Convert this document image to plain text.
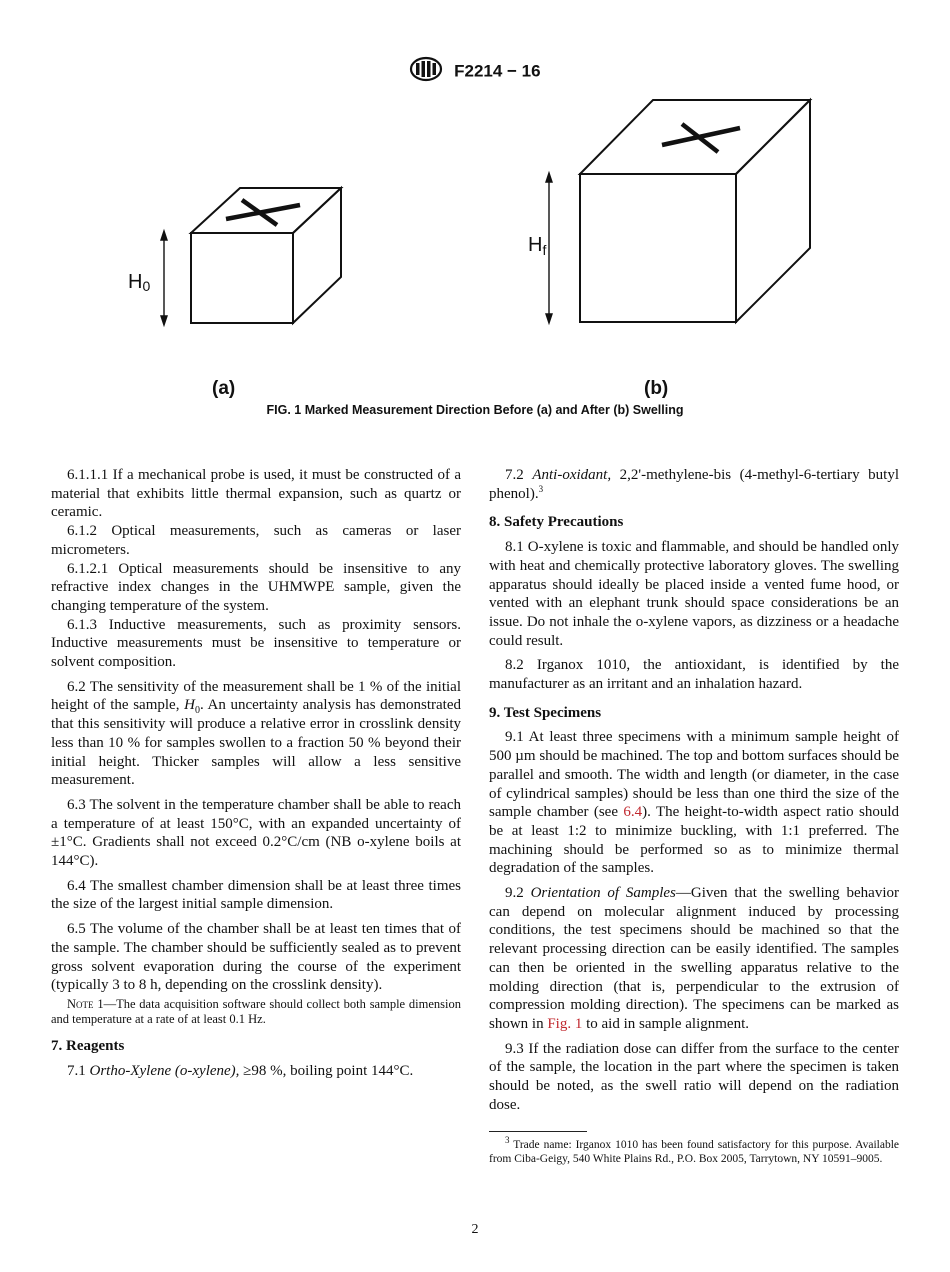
F2214 − 16
H0
$H_f$
(a)	(b)
FIG. 1 Marked Measurement Direction Before (a) and After (b) Swelling

6.1.1.1 If a mechanical probe is used, it must be constructed of a material that exhibits little thermal expansion, such as quartz or ceramic.

6.1.2 Optical measurements, such as cameras or laser micrometers.

6.1.2.1 Optical measurements should be insensitive to any refractive index changes in the UHMWPE sample, given the changing temperature of the system.

6.1.3 Inductive measurements, such as proximity sensors. Inductive measurements must be insensitive to temperature or solvent composition.

6.2 The sensitivity of the measurement shall be 1 % of the initial height of the sample, $H_0$. An uncertainty analysis has demonstrated that this sensitivity will produce a relative error in crosslink density less than 10 % for samples swollen to a fraction 50 % beyond their initial height. Thicker samples will allow a less sensitive measurement.

6.3 The solvent in the temperature chamber shall be able to reach a temperature of at least 150°C, with an expanded uncertainty of ±1°C. Gradients shall not exceed 0.2°C/cm (NB o-xylene boils at 144°C).

6.4 The smallest chamber dimension shall be at least three times the size of the largest initial sample dimension.

6.5 The volume of the chamber shall be at least ten times that of the sample. The chamber should be sufficiently sealed as to prevent gross solvent evaporation during the course of the experiment (typically 3 to 8 h, depending on the crosslink density).

Note 1—The data acquisition software should collect both sample dimension and temperature at a rate of at least 0.1 Hz.

7. Reagents

7.1 Ortho-Xylene (o-xylene), ≥98 %, boiling point 144°C.

7.2 Anti-oxidant, 2,2'-methylene-bis (4-methyl-6-tertiary butyl phenol).$^3$

8. Safety Precautions

8.1 O-xylene is toxic and flammable, and should be handled only with heat and chemically protective laboratory gloves. The swelling apparatus should ideally be placed inside a vented fume hood, or vented with an elephant trunk should space considerations be an issue. Do not inhale the o-xylene vapors, as dizziness or a headache could result.

8.2 Irganox 1010, the antioxidant, is identified by the manufacturer as an irritant and an inhalation hazard.

9. Test Specimens

9.1 At least three specimens with a minimum sample height of 500 µm should be machined. The top and bottom surfaces should be parallel and smooth. The width and length (or diameter, in the case of cylindrical samples) should be less than one third the size of the sample chamber (see 6.4). The height-to-width aspect ratio should be at least 1:2 to minimize buckling, with 1:1 preferred. The machining should be performed so as to minimize thermal degradation of the samples.

9.2 Orientation of Samples—Given that the swelling behavior can depend on molecular alignment induced by processing conditions, the test specimens should be machined so that the relevant processing direction can be easily identified. The samples can then be oriented in the swelling apparatus relative to the molding direction (that is, perpendicular to the extrusion of compression molding direction). The specimens can be marked as shown in Fig. 1 to aid in sample alignment.

9.3 If the radiation dose can differ from the surface to the center of the sample, the location in the part where the specimen is taken should be noted, as the swell ratio will depend on the radiation dose.

$^3$ Trade name: Irganox 1010 has been found satisfactory for this purpose. Available from Ciba-Geigy, 540 White Plains Rd., P.O. Box 2005, Tarrytown, NY 10591–9005.
2
